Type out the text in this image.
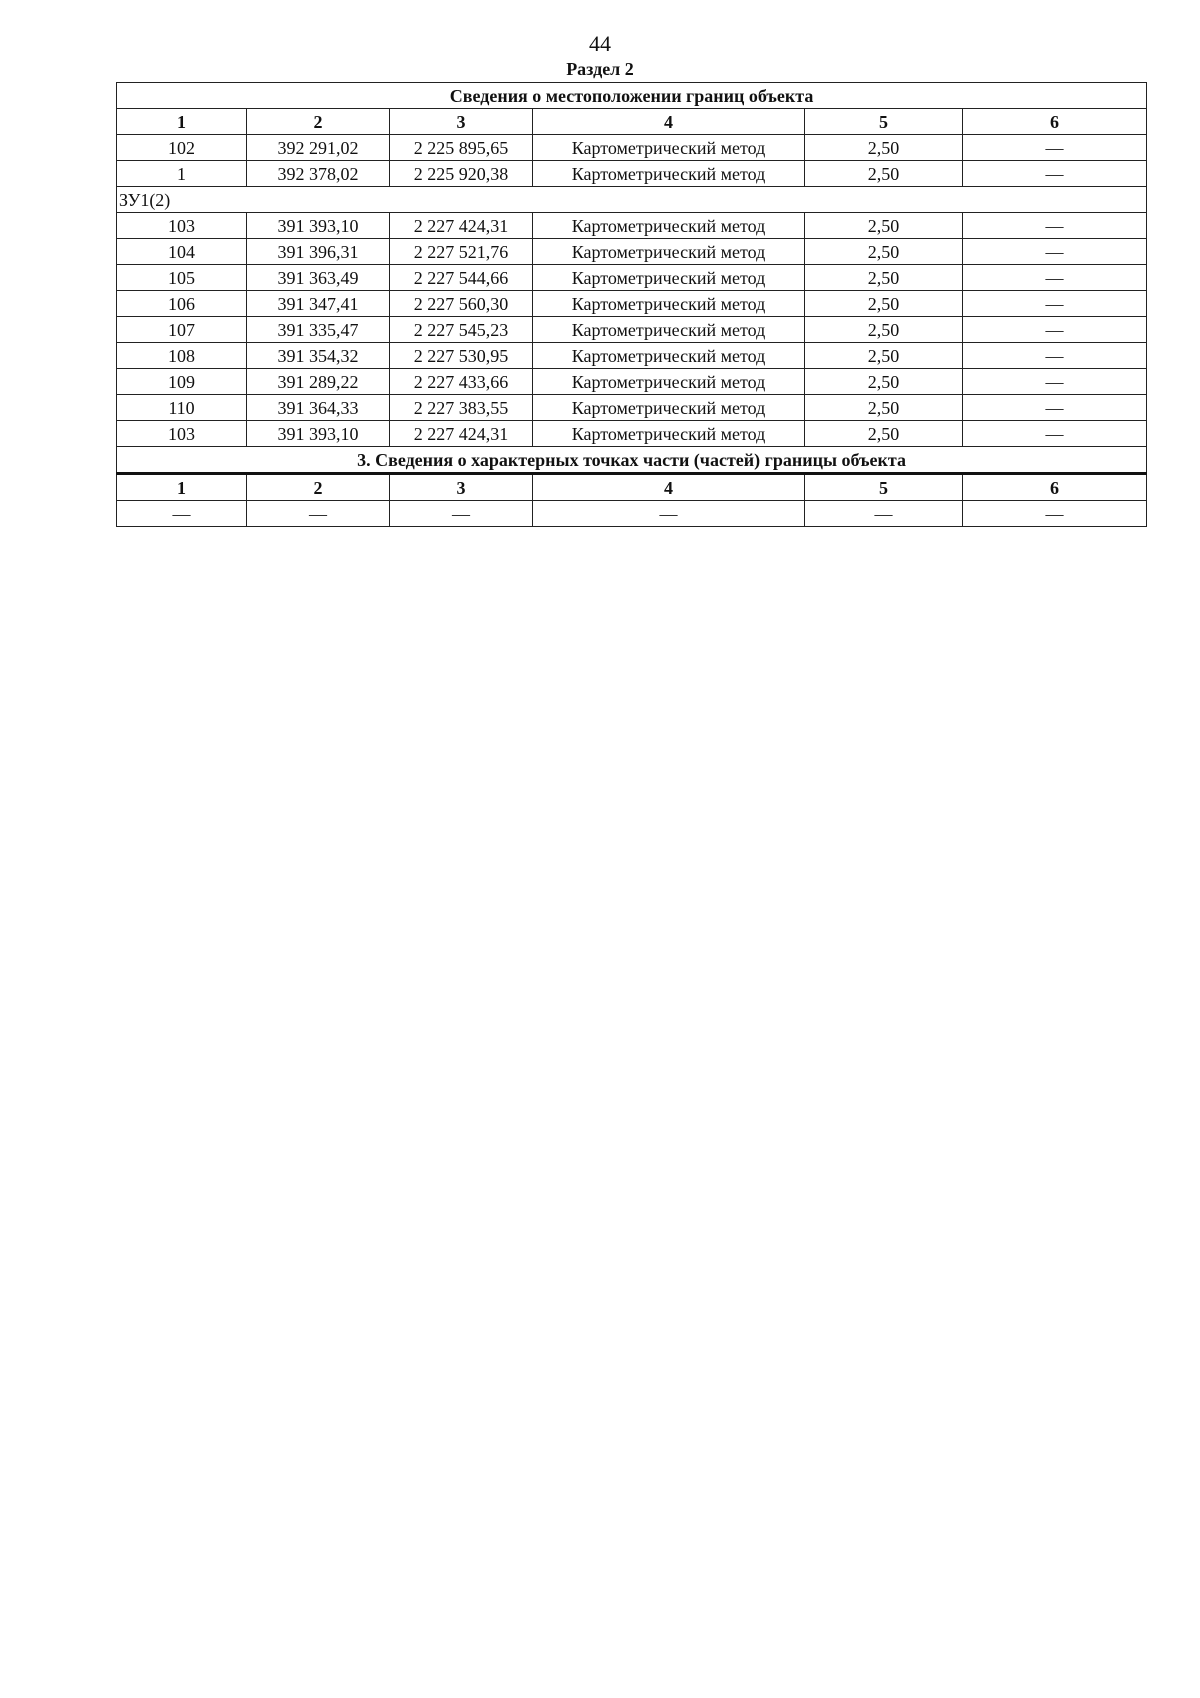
44
Раздел 2
Сведения о местоположении границ объекта					
1	2	3	4	5	6
102	392 291,02	2 225 895,65	Картометрический метод	2,50	—
1	392 378,02	2 225 920,38	Картометрический метод	2,50	—
ЗУ1(2)					
103	391 393,10	2 227 424,31	Картометрический метод	2,50	—
104	391 396,31	2 227 521,76	Картометрический метод	2,50	—
105	391 363,49	2 227 544,66	Картометрический метод	2,50	—
106	391 347,41	2 227 560,30	Картометрический метод	2,50	—
107	391 335,47	2 227 545,23	Картометрический метод	2,50	—
108	391 354,32	2 227 530,95	Картометрический метод	2,50	—
109	391 289,22	2 227 433,66	Картометрический метод	2,50	—
110	391 364,33	2 227 383,55	Картометрический метод	2,50	—
103	391 393,10	2 227 424,31	Картометрический метод	2,50	—
3. Сведения о характерных точках части (частей) границы объекта					
1	2	3	4	5	6
—	—	—	—	—	—
